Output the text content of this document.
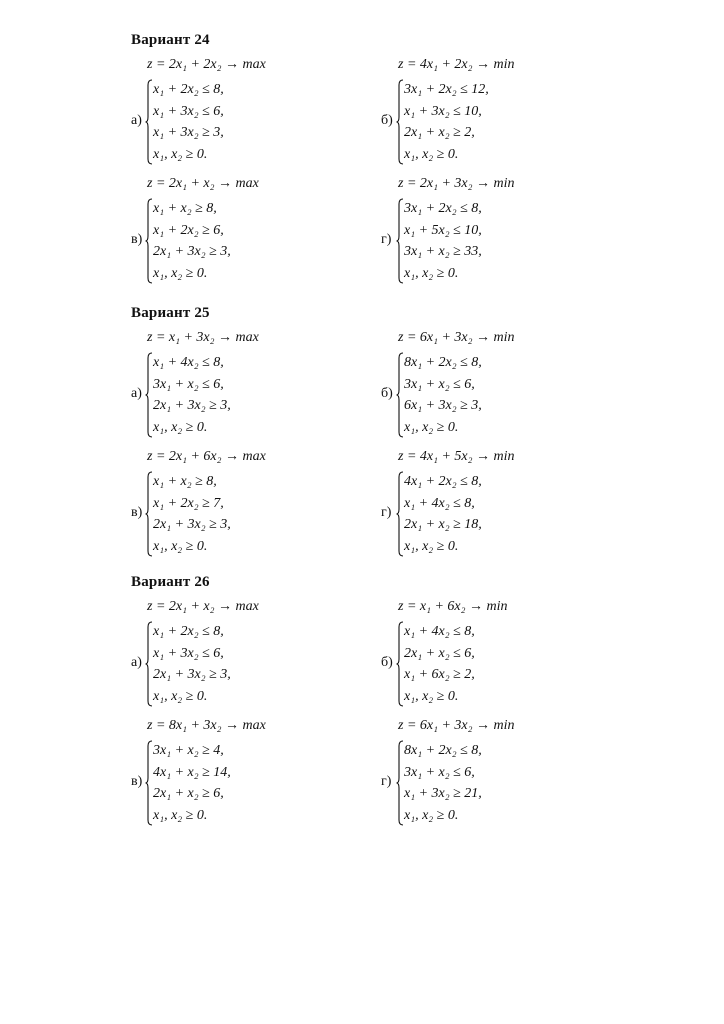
Вариант 24
z = 2x₁ + 2x₂ → max
а)
x₁ + 2x₂ ≤ 8,
x₁ + 3x₂ ≤ 6,
x₁ + 3x₂ ≥ 3,
x₁, x₂ ≥ 0.
z = 4x₁ + 2x₂ → min
б)
3x₁ + 2x₂ ≤ 12,
x₁ + 3x₂ ≤ 10,
2x₁ + x₂ ≥ 2,
x₁, x₂ ≥ 0.
z = 2x₁ + x₂ → max
в)
x₁ + x₂ ≥ 8,
x₁ + 2x₂ ≥ 6,
2x₁ + 3x₂ ≥ 3,
x₁, x₂ ≥ 0.
z = 2x₁ + 3x₂ → min
г)
3x₁ + 2x₂ ≤ 8,
x₁ + 5x₂ ≤ 10,
3x₁ + x₂ ≥ 33,
x₁, x₂ ≥ 0.
Вариант 25
z = x₁ + 3x₂ → max
а)
x₁ + 4x₂ ≤ 8,
3x₁ + x₂ ≤ 6,
2x₁ + 3x₂ ≥ 3,
x₁, x₂ ≥ 0.
z = 6x₁ + 3x₂ → min
б)
8x₁ + 2x₂ ≤ 8,
3x₁ + x₂ ≤ 6,
6x₁ + 3x₂ ≥ 3,
x₁, x₂ ≥ 0.
z = 2x₁ + 6x₂ → max
в)
x₁ + x₂ ≥ 8,
x₁ + 2x₂ ≥ 7,
2x₁ + 3x₂ ≥ 3,
x₁, x₂ ≥ 0.
z = 4x₁ + 5x₂ → min
г)
4x₁ + 2x₂ ≤ 8,
x₁ + 4x₂ ≤ 8,
2x₁ + x₂ ≥ 18,
x₁, x₂ ≥ 0.
Вариант 26
z = 2x₁ + x₂ → max
а)
x₁ + 2x₂ ≤ 8,
x₁ + 3x₂ ≤ 6,
2x₁ + 3x₂ ≥ 3,
x₁, x₂ ≥ 0.
z = x₁ + 6x₂ → min
б)
x₁ + 4x₂ ≤ 8,
2x₁ + x₂ ≤ 6,
x₁ + 6x₂ ≥ 2,
x₁, x₂ ≥ 0.
z = 8x₁ + 3x₂ → max
в)
3x₁ + x₂ ≥ 4,
4x₁ + x₂ ≥ 14,
2x₁ + x₂ ≥ 6,
x₁, x₂ ≥ 0.
z = 6x₁ + 3x₂ → min
г)
8x₁ + 2x₂ ≤ 8,
3x₁ + x₂ ≤ 6,
x₁ + 3x₂ ≥ 21,
x₁, x₂ ≥ 0.
